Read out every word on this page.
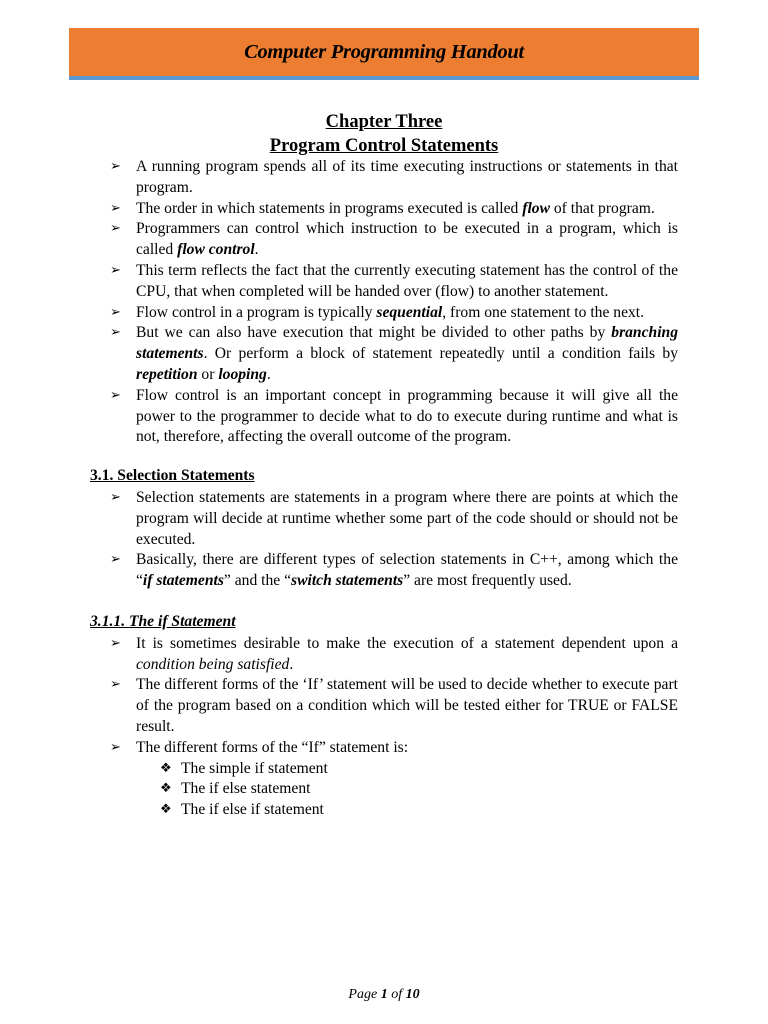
Computer Programming Handout
Chapter Three
Program Control Statements
➢ A running program spends all of its time executing instructions or statements in that program.
➢ The order in which statements in programs executed is called flow of that program.
➢ Programmers can control which instruction to be executed in a program, which is called flow control.
➢ This term reflects the fact that the currently executing statement has the control of the CPU, that when completed will be handed over (flow) to another statement.
➢ Flow control in a program is typically sequential, from one statement to the next.
➢ But we can also have execution that might be divided to other paths by branching statements. Or perform a block of statement repeatedly until a condition fails by repetition or looping.
➢ Flow control is an important concept in programming because it will give all the power to the programmer to decide what to do to execute during runtime and what is not, therefore, affecting the overall outcome of the program.
3.1. Selection Statements
➢ Selection statements are statements in a program where there are points at which the program will decide at runtime whether some part of the code should or should not be executed.
➢ Basically, there are different types of selection statements in C++, among which the “if statements” and the “switch statements” are most frequently used.
3.1.1. The if Statement
➢ It is sometimes desirable to make the execution of a statement dependent upon a condition being satisfied.
➢ The different forms of the ‘If’ statement will be used to decide whether to execute part of the program based on a condition which will be tested either for TRUE or FALSE result.
➢ The different forms of the “If” statement is:
❖ The simple if statement
❖ The if else statement
❖ The if else if statement
Page 1 of 10
